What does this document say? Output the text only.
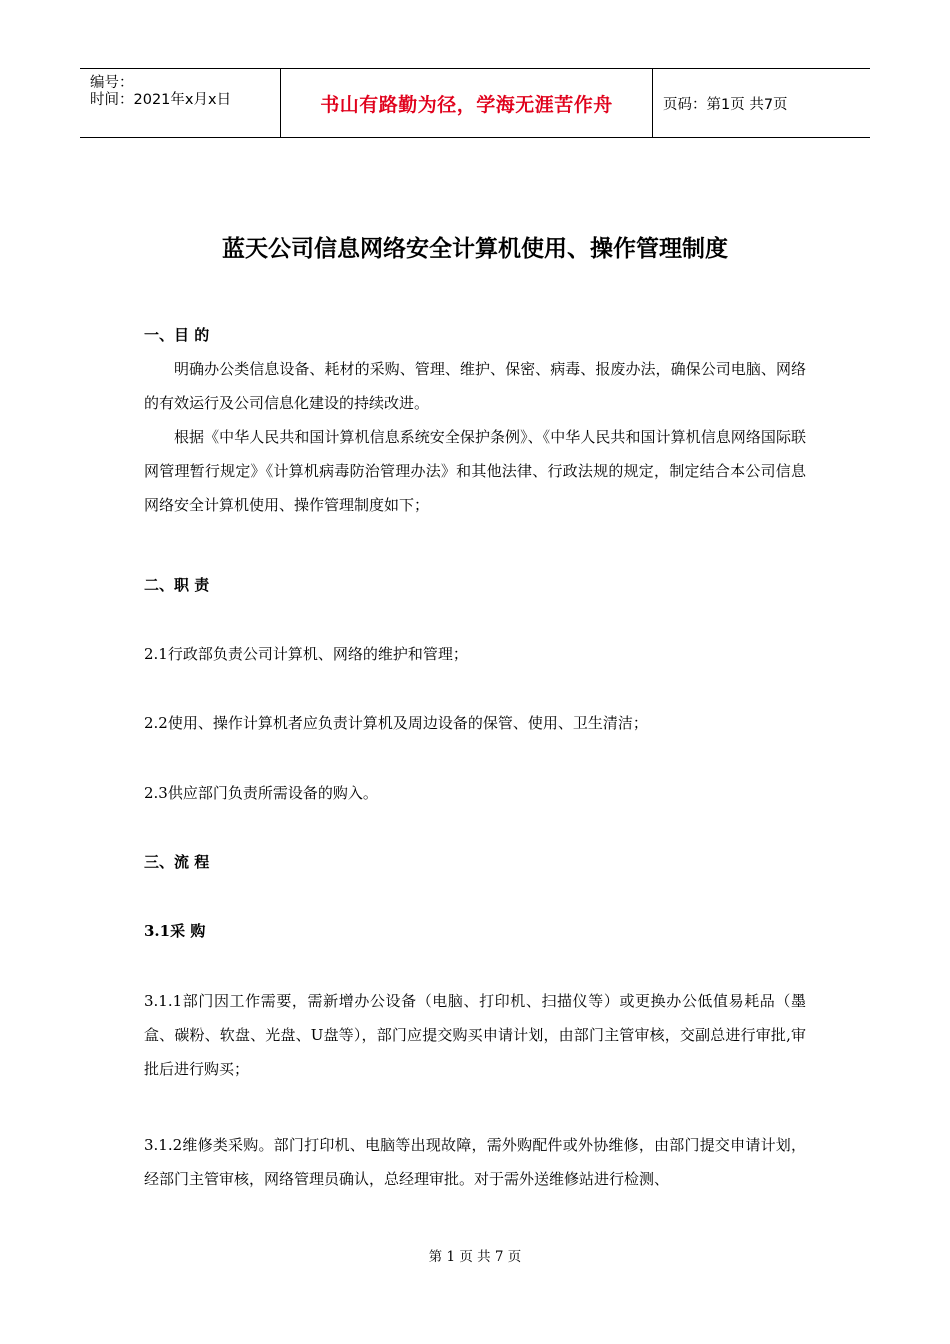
编号：
时间：2021年x月x日	书山有路勤为径，学海无涯苦作舟	页码：第1页 共7页
蓝天公司信息网络安全计算机使用、操作管理制度
一、目 的

明确办公类信息设备、耗材的采购、管理、维护、保密、病毒、报废办法，确保公司电脑、网络的有效运行及公司信息化建设的持续改进。

根据《中华人民共和国计算机信息系统安全保护条例》、《中华人民共和国计算机信息网络国际联网管理暂行规定》《计算机病毒防治管理办法》和其他法律、行政法规的规定，制定结合本公司信息网络安全计算机使用、操作管理制度如下；

二、职 责
2.1行政部负责公司计算机、网络的维护和管理；
2.2使用、操作计算机者应负责计算机及周边设备的保管、使用、卫生清洁；
2.3供应部门负责所需设备的购入。
三、流 程
3.1采 购

3.1.1部门因工作需要，需新增办公设备（电脑、打印机、扫描仪等）或更换办公低值易耗品（墨盒、碳粉、软盘、光盘、U盘等），部门应提交购买申请计划，由部门主管审核，交副总进行审批,审批后进行购买；

3.1.2维修类采购。部门打印机、电脑等出现故障，需外购配件或外协维修，由部门提交申请计划，经部门主管审核，网络管理员确认，总经理审批。对于需外送维修站进行检测、

第 1 页 共 7 页
